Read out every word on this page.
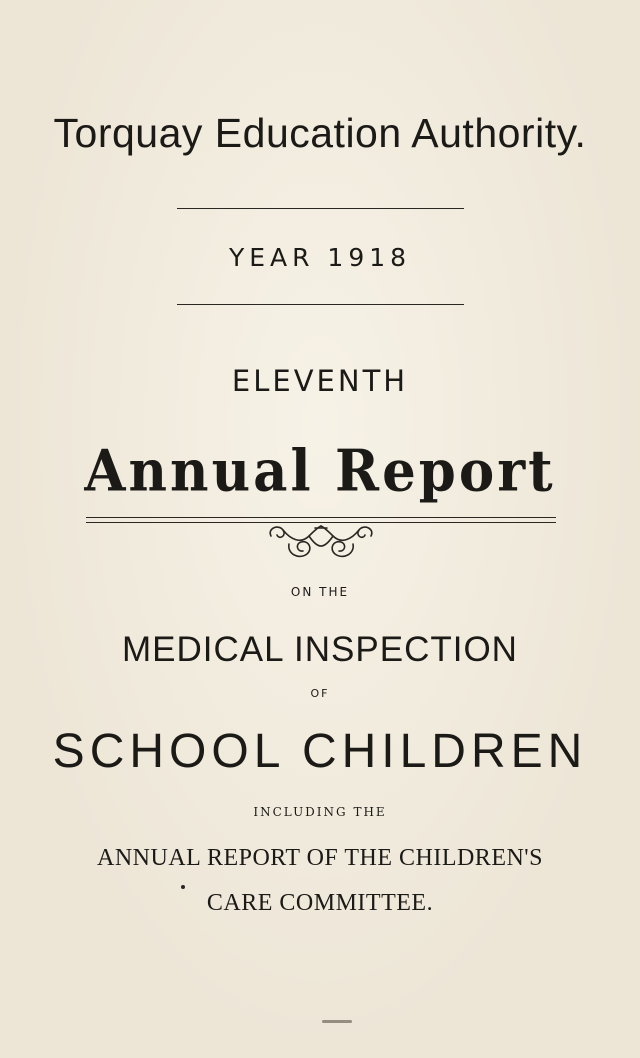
Torquay Education Authority.
YEAR 1918
ELEVENTH
Annual Report
ON THE
MEDICAL INSPECTION
OF
SCHOOL CHILDREN
INCLUDING THE
ANNUAL REPORT OF THE CHILDREN'S
CARE COMMITTEE.
